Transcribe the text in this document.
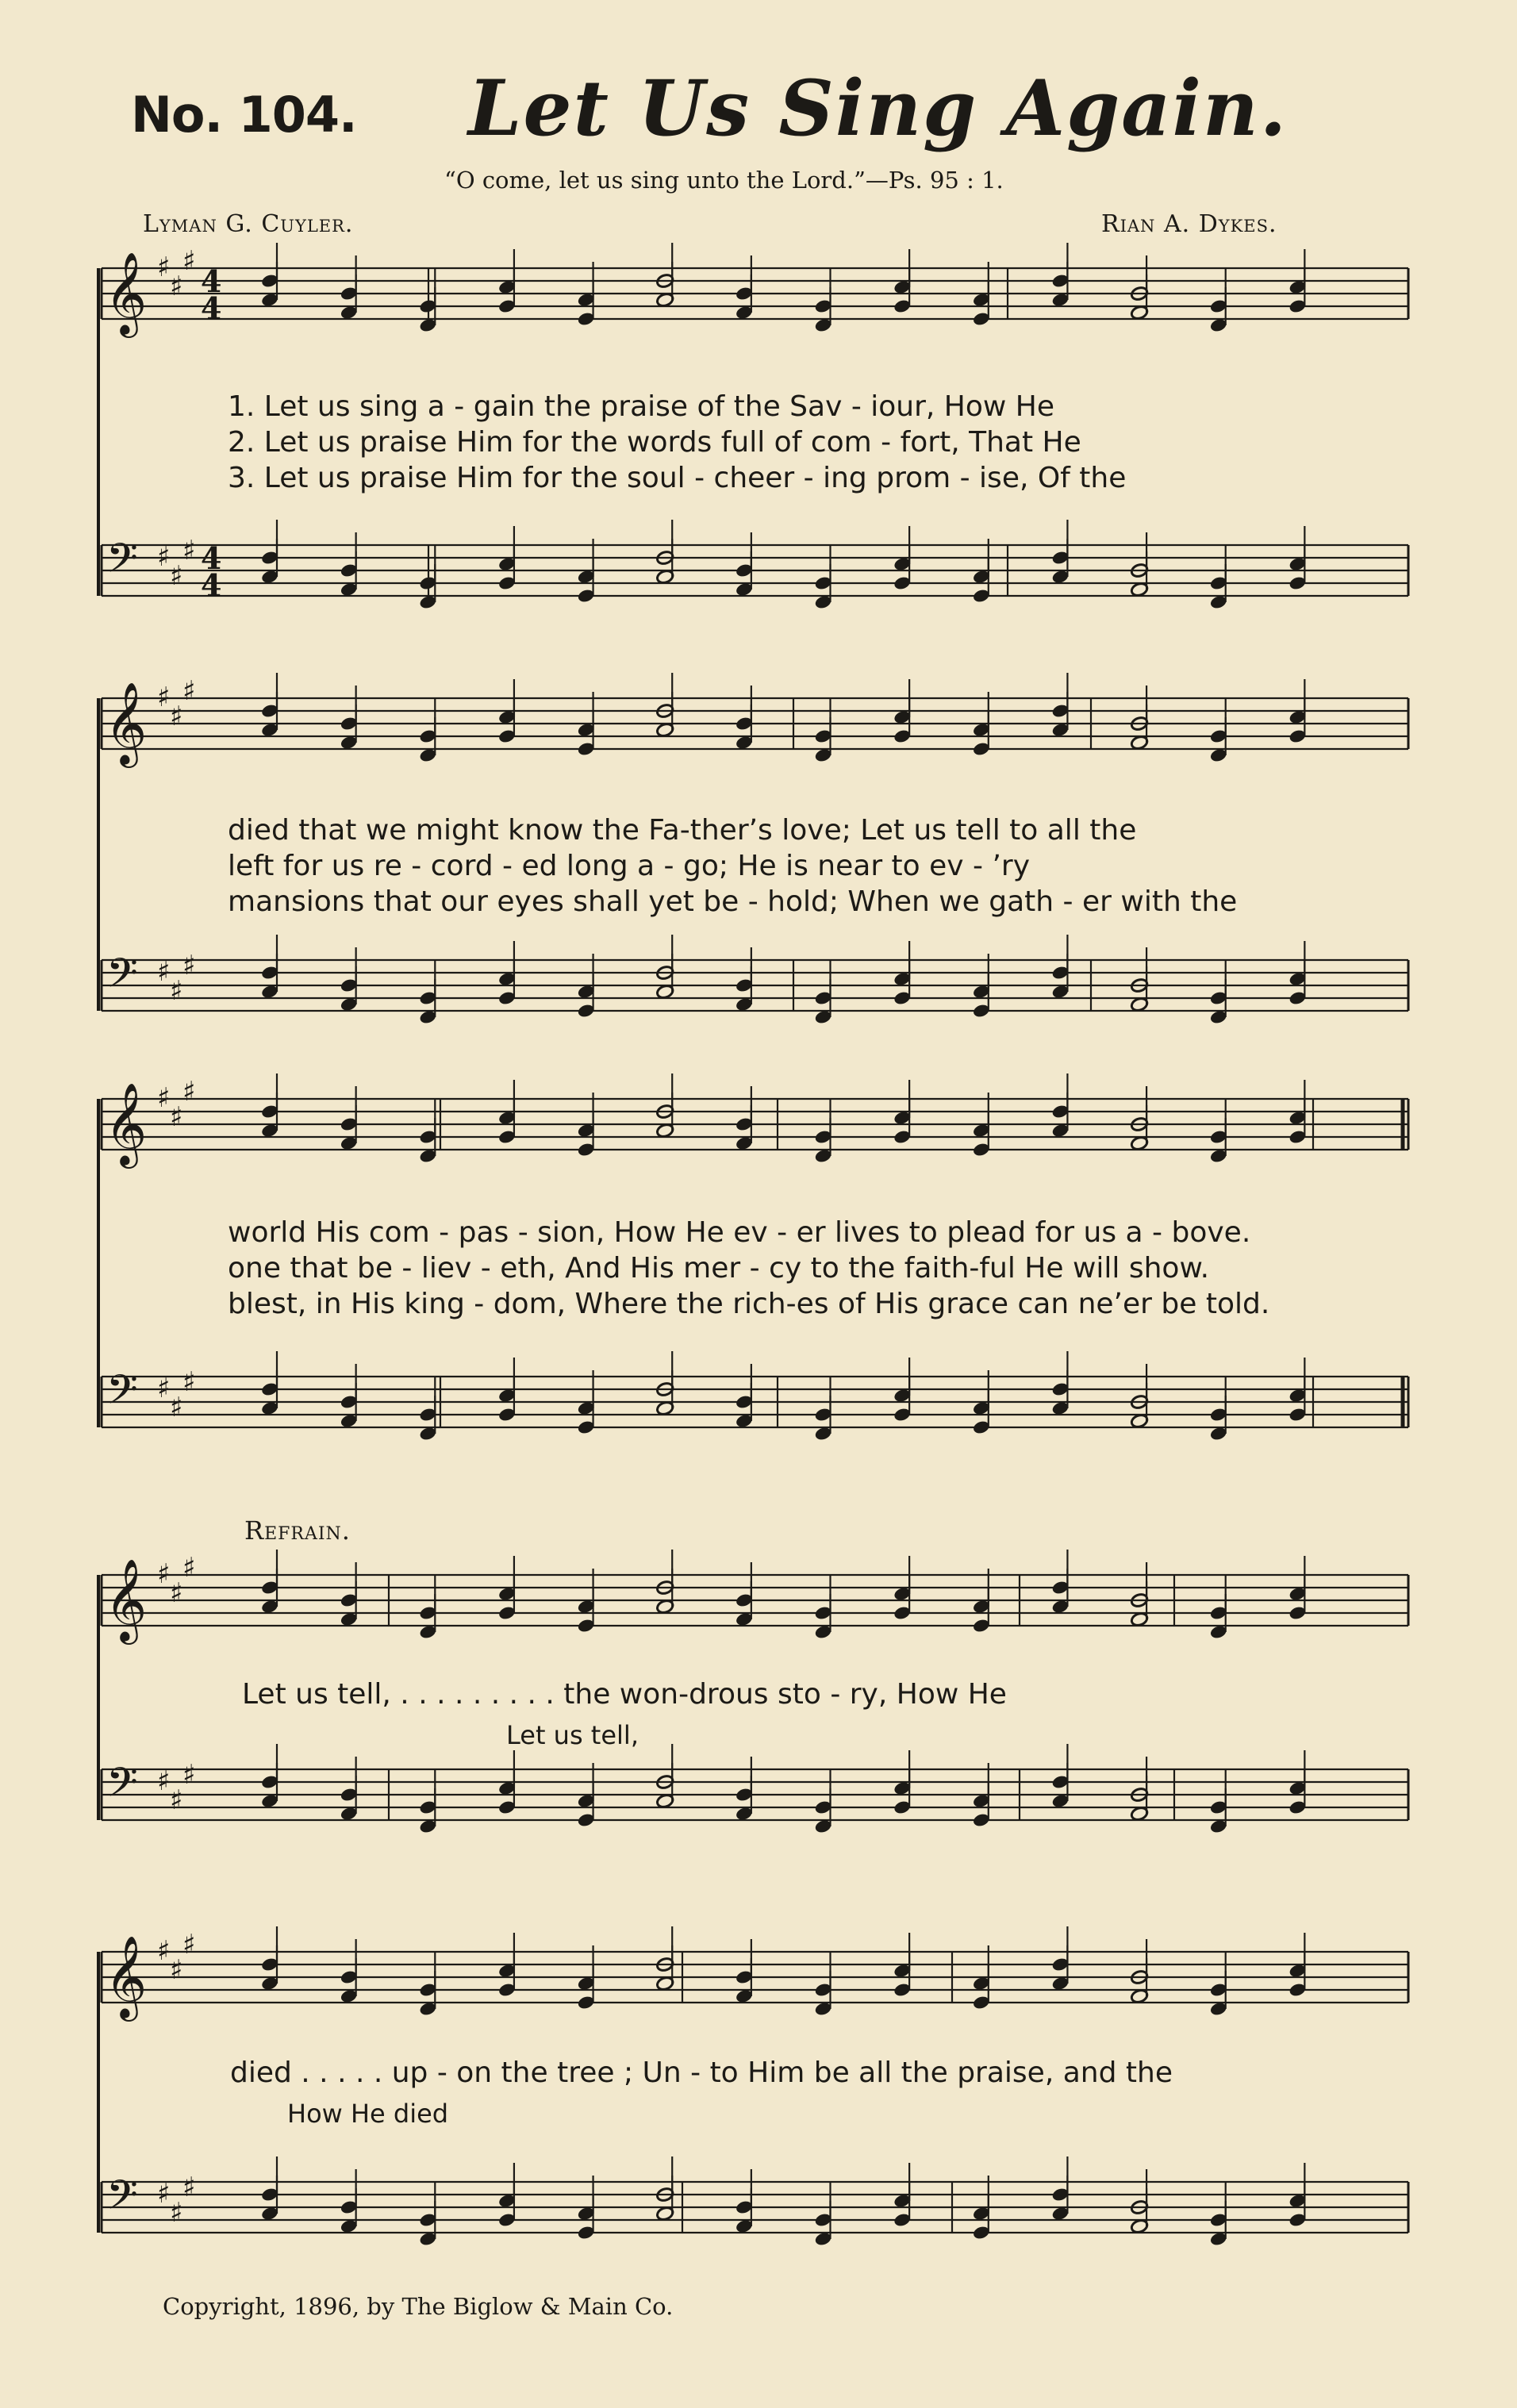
No. 104. Let Us Sing Again.
“O come, let us sing unto the Lord.”—Ps. 95 : 1.
Lyman G. Cuyler.	Rian A. Dykes.
𝄞 ♯
♯
♯
4
4
𝄢 ♯
♯
♯ 4
4
𝄞 ♯
♯
♯
𝄢 ♯
♯
♯
𝄞 ♯
♯
♯
𝄢 ♯
♯
♯
𝄞 ♯
♯
♯
𝄢 ♯
♯
♯
𝄞 ♯
♯
♯
𝄢 ♯
♯
♯
1. Let us sing a - gain the praise of the Sav - iour, How He
2. Let us praise Him for the words full of com - fort, That He
3. Let us praise Him for the soul - cheer - ing prom - ise, Of the
died that we might know the Fa-ther’s love; Let us tell to all the
left for us re - cord - ed long a - go; He is near to ev - ’ry
mansions that our eyes shall yet be - hold; When we gath - er with the
world His com - pas - sion, How He ev - er lives to plead for us a - bove.
one that be - liev - eth, And His mer - cy to the faith-ful He will show.
blest, in His king - dom, Where the rich-es of His grace can ne’er be told.
Refrain.
Let us tell, . . . . . . . . . the won-drous sto - ry, How He
Let us tell,
died . . . . . up - on the tree ; Un - to Him be all the praise, and the
How He died
Copyright, 1896, by The Biglow & Main Co.
